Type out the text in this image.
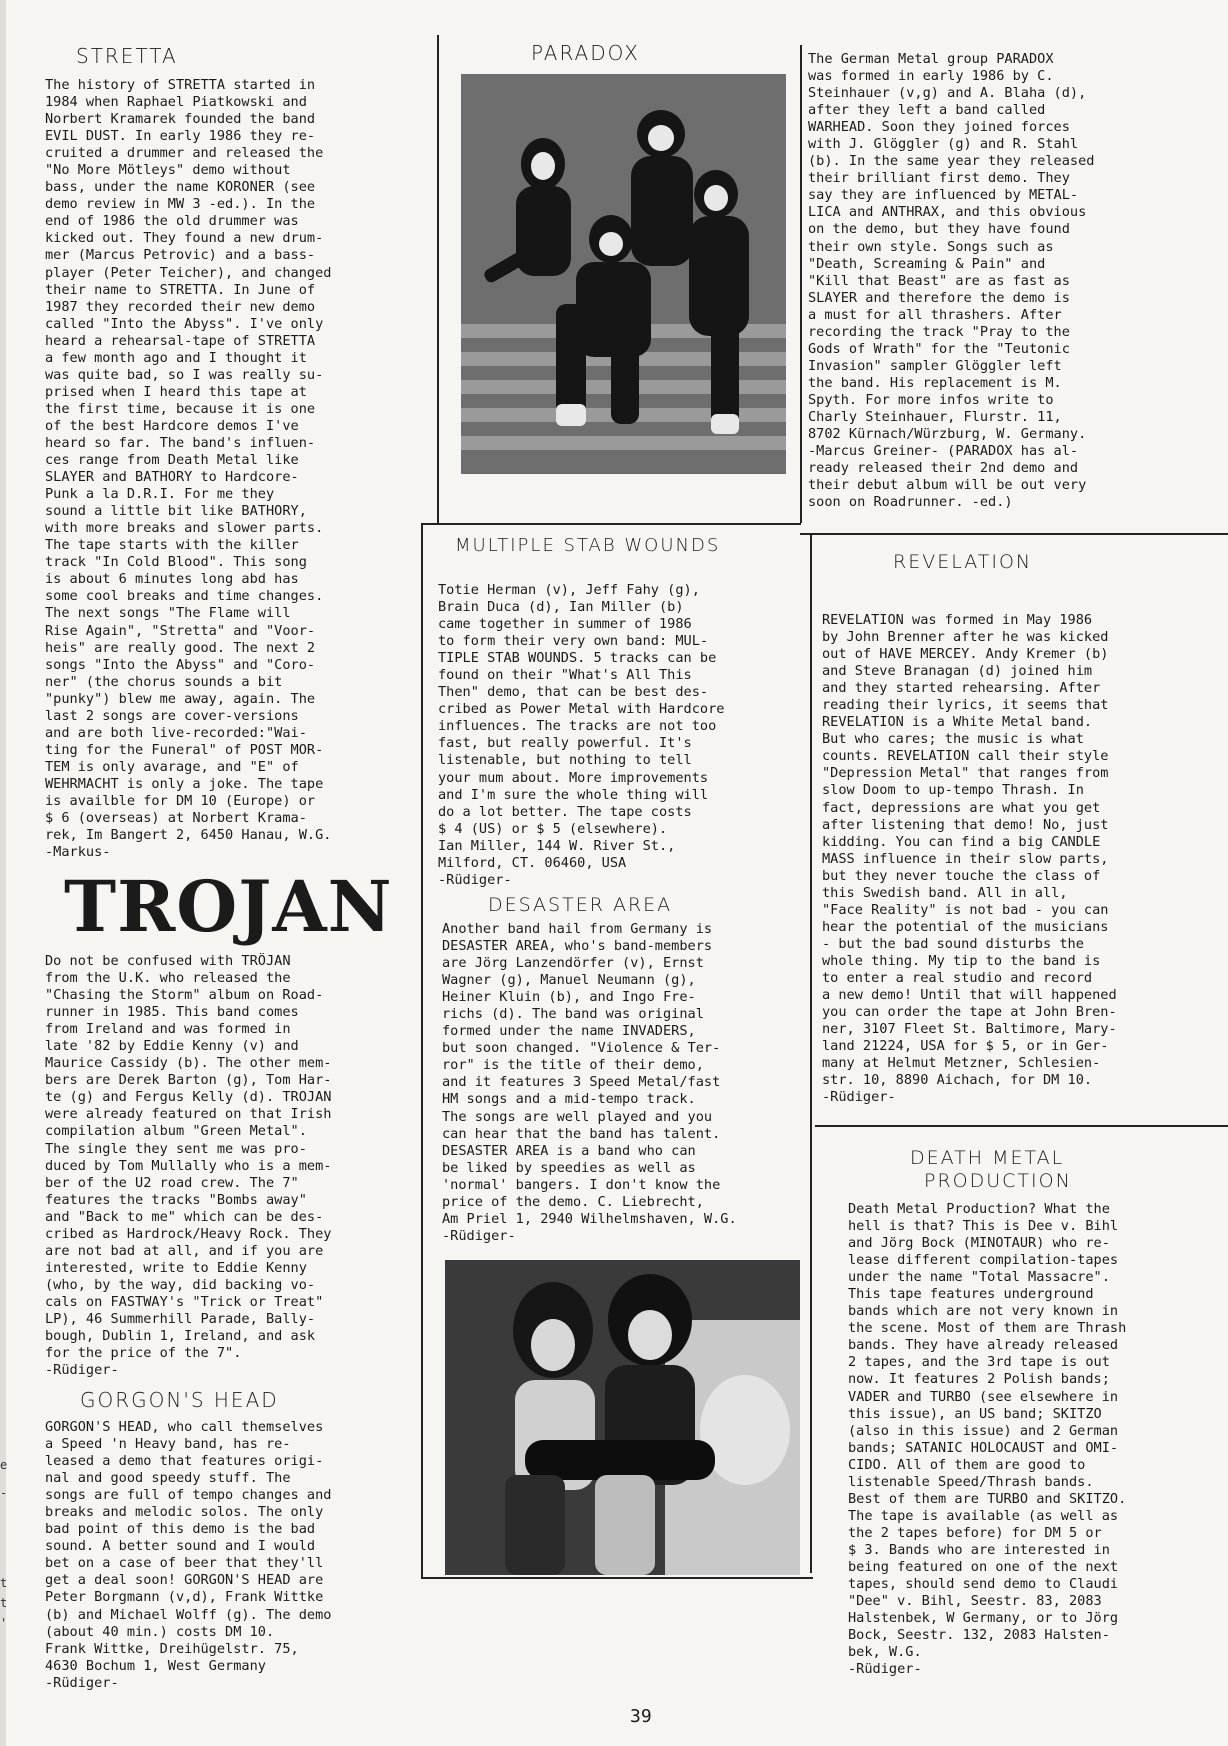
e
-
t
t
'
STRETTA

The history of STRETTA started in
1984 when Raphael Piatkowski and
Norbert Kramarek founded the band
EVIL DUST. In early 1986 they re-
cruited a drummer and released the
"No More Mötleys" demo without
bass, under the name KORONER (see
demo review in MW 3 -ed.). In the
end of 1986 the old drummer was
kicked out. They found a new drum-
mer (Marcus Petrovic) and a bass-
player (Peter Teicher), and changed
their name to STRETTA. In June of
1987 they recorded their new demo
called "Into the Abyss". I've only
heard a rehearsal-tape of STRETTA
a few month ago and I thought it
was quite bad, so I was really su-
prised when I heard this tape at
the first time, because it is one
of the best Hardcore demos I've
heard so far. The band's influen-
ces range from Death Metal like
SLAYER and BATHORY to Hardcore-
Punk a la D.R.I. For me they
sound a little bit like BATHORY,
with more breaks and slower parts.
The tape starts with the killer
track "In Cold Blood". This song
is about 6 minutes long abd has
some cool breaks and time changes.
The next songs "The Flame will
Rise Again", "Stretta" and "Voor-
heis" are really good. The next 2
songs "Into the Abyss" and "Coro-
ner" (the chorus sounds a bit
"punky") blew me away, again. The
last 2 songs are cover-versions
and are both live-recorded:"Wai-
ting for the Funeral" of POST MOR-
TEM is only avarage, and "E" of
WEHRMACHT is only a joke. The tape
is availble for DM 10 (Europe) or
$ 6 (overseas) at Norbert Krama-
rek, Im Bangert 2, 6450 Hanau, W.G.
-Markus-

TROJAN

Do not be confused with TRÖJAN
from the U.K. who released the
"Chasing the Storm" album on Road-
runner in 1985. This band comes
from Ireland and was formed in
late '82 by Eddie Kenny (v) and
Maurice Cassidy (b). The other mem-
bers are Derek Barton (g), Tom Har-
te (g) and Fergus Kelly (d). TROJAN
were already featured on that Irish
compilation album "Green Metal".
The single they sent me was pro-
duced by Tom Mullally who is a mem-
ber of the U2 road crew. The 7"
features the tracks "Bombs away"
and "Back to me" which can be des-
cribed as Hardrock/Heavy Rock. They
are not bad at all, and if you are
interested, write to Eddie Kenny
(who, by the way, did backing vo-
cals on FASTWAY's "Trick or Treat"
LP), 46 Summerhill Parade, Bally-
bough, Dublin 1, Ireland, and ask
for the price of the 7".
-Rüdiger-

GORGON'S HEAD

GORGON'S HEAD, who call themselves
a Speed 'n Heavy band, has re-
leased a demo that features origi-
nal and good speedy stuff. The
songs are full of tempo changes and
breaks and melodic solos. The only
bad point of this demo is the bad
sound. A better sound and I would
bet on a case of beer that they'll
get a deal soon! GORGON'S HEAD are
Peter Borgmann (v,d), Frank Wittke
(b) and Michael Wolff (g). The demo
(about 40 min.) costs DM 10.
Frank Wittke, Dreihügelstr. 75,
4630 Bochum 1, West Germany
-Rüdiger-

PARADOX	The German Metal group PARADOX
was formed in early 1986 by C.
Steinhauer (v,g) and A. Blaha (d),
after they left a band called
WARHEAD. Soon they joined forces
with J. Glöggler (g) and R. Stahl
(b). In the same year they released
their brilliant first demo. They
say they are influenced by METAL-
LICA and ANTHRAX, and this obvious
on the demo, but they have found
their own style. Songs such as
"Death, Screaming & Pain" and
"Kill that Beast" are as fast as
SLAYER and therefore the demo is
a must for all thrashers. After
recording the track "Pray to the
Gods of Wrath" for the "Teutonic
Invasion" sampler Glöggler left
the band. His replacement is M.
Spyth. For more infos write to
Charly Steinhauer, Flurstr. 11,
8702 Kürnach/Würzburg, W. Germany.
-Marcus Greiner- (PARADOX has al-
ready released their 2nd demo and
their debut album will be out very
soon on Roadrunner. -ed.)

MULTIPLE STAB WOUNDS

Totie Herman (v), Jeff Fahy (g),
Brain Duca (d), Ian Miller (b)
came together in summer of 1986
to form their very own band: MUL-
TIPLE STAB WOUNDS. 5 tracks can be
found on their "What's All This
Then" demo, that can be best des-
cribed as Power Metal with Hardcore
influences. The tracks are not too
fast, but really powerful. It's
listenable, but nothing to tell
your mum about. More improvements
and I'm sure the whole thing will
do a lot better. The tape costs
$ 4 (US) or $ 5 (elsewhere).
Ian Miller, 144 W. River St.,
Milford, CT. 06460, USA
-Rüdiger-

DESASTER AREA

Another band hail from Germany is
DESASTER AREA, who's band-members
are Jörg Lanzendörfer (v), Ernst
Wagner (g), Manuel Neumann (g),
Heiner Kluin (b), and Ingo Fre-
richs (d). The band was original
formed under the name INVADERS,
but soon changed. "Violence & Ter-
ror" is the title of their demo,
and it features 3 Speed Metal/fast
HM songs and a mid-tempo track.
The songs are well played and you
can hear that the band has talent.
DESASTER AREA is a band who can
be liked by speedies as well as
'normal' bangers. I don't know the
price of the demo. C. Liebrecht,
Am Priel 1, 2940 Wilhelmshaven, W.G.
-Rüdiger-

REVELATION

REVELATION was formed in May 1986
by John Brenner after he was kicked
out of HAVE MERCEY. Andy Kremer (b)
and Steve Branagan (d) joined him
and they started rehearsing. After
reading their lyrics, it seems that
REVELATION is a White Metal band.
But who cares; the music is what
counts. REVELATION call their style
"Depression Metal" that ranges from
slow Doom to up-tempo Thrash. In
fact, depressions are what you get
after listening that demo! No, just
kidding. You can find a big CANDLE
MASS influence in their slow parts,
but they never touche the class of
this Swedish band. All in all,
"Face Reality" is not bad - you can
hear the potential of the musicians
- but the bad sound disturbs the
whole thing. My tip to the band is
to enter a real studio and record
a new demo! Until that will happened
you can order the tape at John Bren-
ner, 3107 Fleet St. Baltimore, Mary-
land 21224, USA for $ 5, or in Ger-
many at Helmut Metzner, Schlesien-
str. 10, 8890 Aichach, for DM 10.
-Rüdiger-

DEATH METAL
PRODUCTION

Death Metal Production? What the
hell is that? This is Dee v. Bihl
and Jörg Bock (MINOTAUR) who re-
lease different compilation-tapes
under the name "Total Massacre".
This tape features underground
bands which are not very known in
the scene. Most of them are Thrash
bands. They have already released
2 tapes, and the 3rd tape is out
now. It features 2 Polish bands;
VADER and TURBO (see elsewhere in
this issue), an US band; SKITZO
(also in this issue) and 2 German
bands; SATANIC HOLOCAUST and OMI-
CIDO. All of them are good to
listenable Speed/Thrash bands.
Best of them are TURBO and SKITZO.
The tape is available (as well as
the 2 tapes before) for DM 5 or
$ 3. Bands who are interested in
being featured on one of the next
tapes, should send demo to Claudi
"Dee" v. Bihl, Seestr. 83, 2083
Halstenbek, W Germany, or to Jörg
Bock, Seestr. 132, 2083 Halsten-
bek, W.G.
-Rüdiger-

39
